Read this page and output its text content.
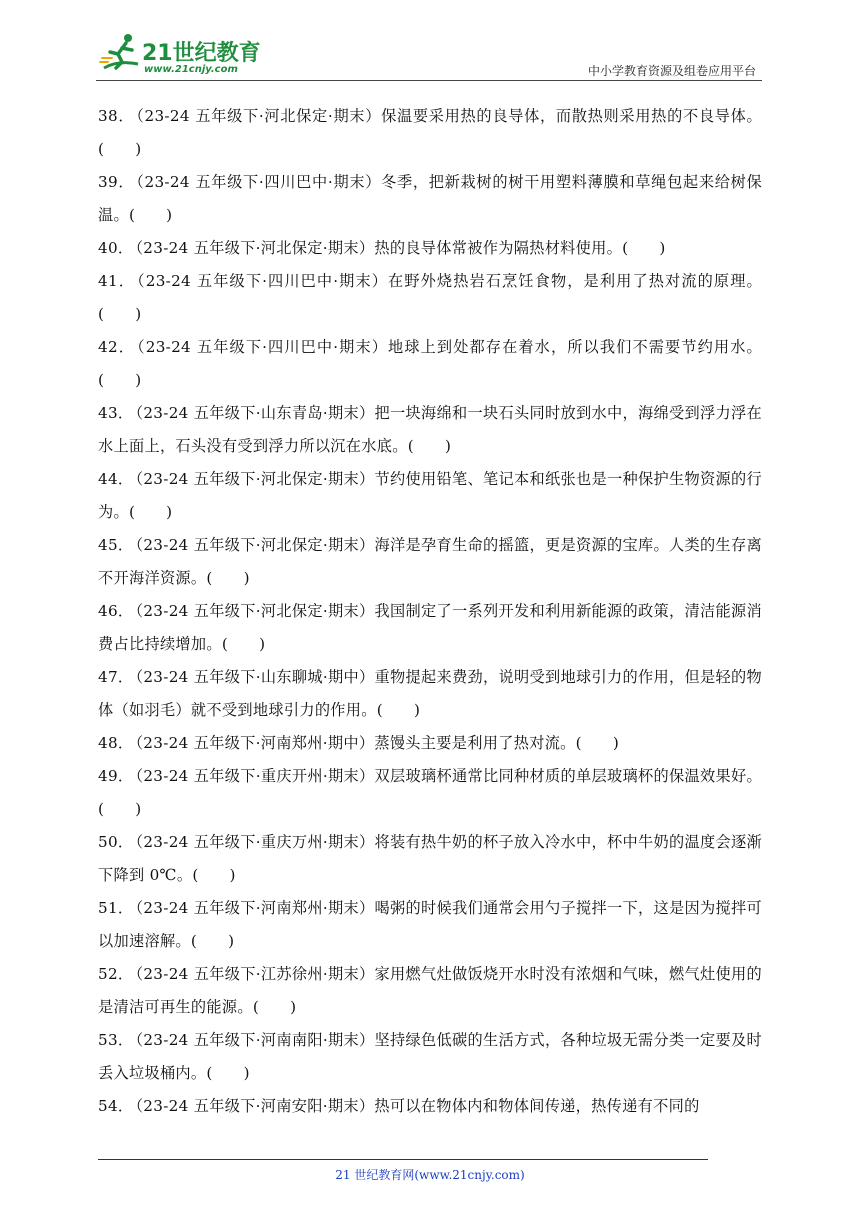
21世纪教育
www.21cnjy.com	中小学教育资源及组卷应用平台
38． （23-24 五年级下·河北保定·期末）保温要采用热的良导体，而散热则采用热的不良导体。(　　)
39． （23-24 五年级下·四川巴中·期末）冬季，把新栽树的树干用塑料薄膜和草绳包起来给树保温。(　　)
40． （23-24 五年级下·河北保定·期末）热的良导体常被作为隔热材料使用。(　　)
41． （23-24 五年级下·四川巴中·期末）在野外烧热岩石烹饪食物，是利用了热对流的原理。(　　)
42． （23-24 五年级下·四川巴中·期末）地球上到处都存在着水，所以我们不需要节约用水。(　　)
43． （23-24 五年级下·山东青岛·期末）把一块海绵和一块石头同时放到水中，海绵受到浮力浮在水上面上，石头没有受到浮力所以沉在水底。(　　)
44． （23-24 五年级下·河北保定·期末）节约使用铅笔、笔记本和纸张也是一种保护生物资源的行为。(　　)
45． （23-24 五年级下·河北保定·期末）海洋是孕育生命的摇篮，更是资源的宝库。人类的生存离不开海洋资源。(　　)
46． （23-24 五年级下·河北保定·期末）我国制定了一系列开发和利用新能源的政策，清洁能源消费占比持续增加。(　　)
47． （23-24 五年级下·山东聊城·期中）重物提起来费劲，说明受到地球引力的作用，但是轻的物体（如羽毛）就不受到地球引力的作用。(　　)
48． （23-24 五年级下·河南郑州·期中）蒸馒头主要是利用了热对流。(　　)
49． （23-24 五年级下·重庆开州·期末）双层玻璃杯通常比同种材质的单层玻璃杯的保温效果好。(　　)
50． （23-24 五年级下·重庆万州·期末）将装有热牛奶的杯子放入冷水中，杯中牛奶的温度会逐渐下降到 0℃。(　　)
51． （23-24 五年级下·河南郑州·期末）喝粥的时候我们通常会用勺子搅拌一下，这是因为搅拌可以加速溶解。(　　)
52． （23-24 五年级下·江苏徐州·期末）家用燃气灶做饭烧开水时没有浓烟和气味，燃气灶使用的是清洁可再生的能源。(　　)
53． （23-24 五年级下·河南南阳·期末）坚持绿色低碳的生活方式，各种垃圾无需分类一定要及时丢入垃圾桶内。(　　)
54． （23-24 五年级下·河南安阳·期末）热可以在物体内和物体间传递，热传递有不同的
21 世纪教育网(www.21cnjy.com)
